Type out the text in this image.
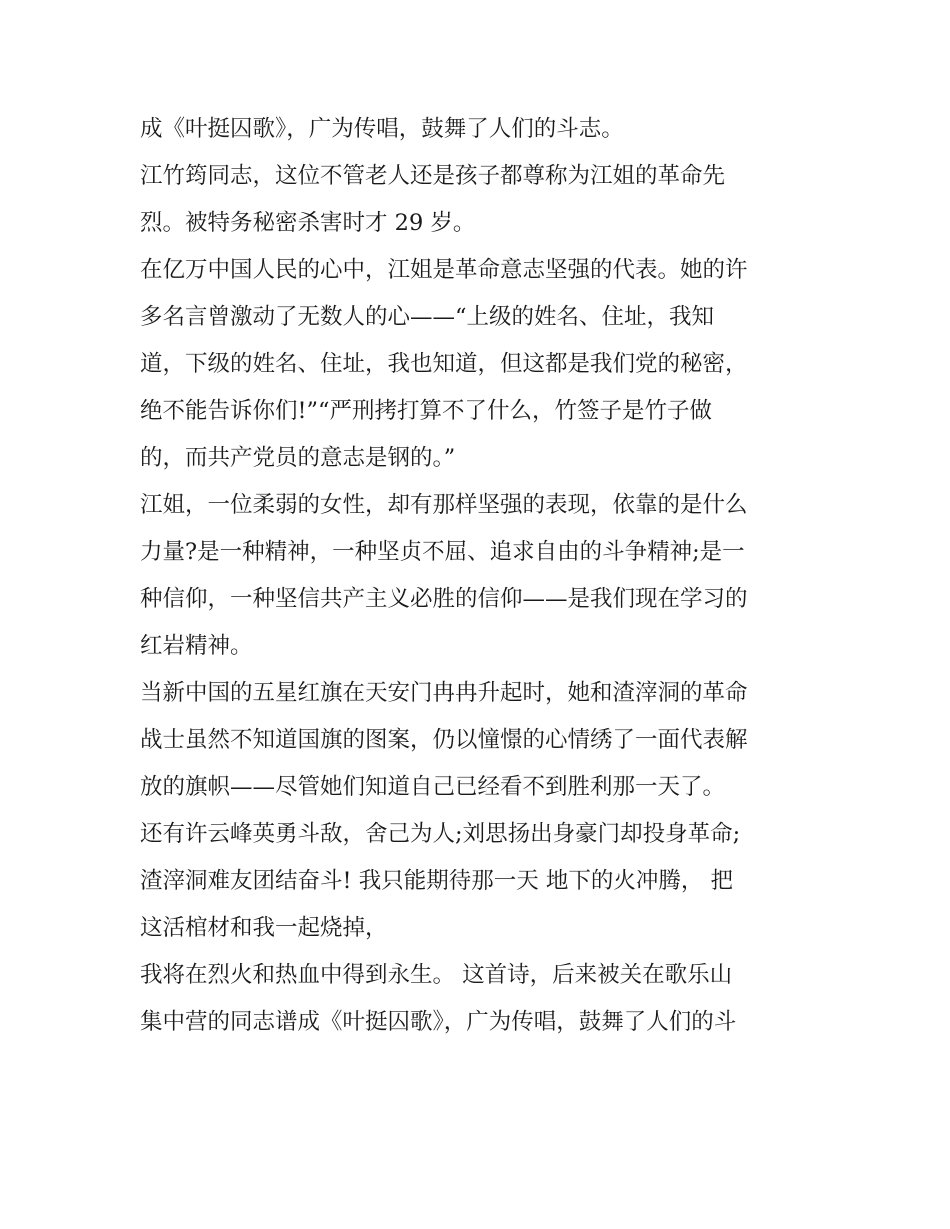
成《叶挺囚歌》，广为传唱，鼓舞了人们的斗志。
江竹筠同志，这位不管老人还是孩子都尊称为江姐的革命先
烈。被特务秘密杀害时才 29 岁。
在亿万中国人民的心中，江姐是革命意志坚强的代表。她的许
多名言曾激动了无数人的心——“上级的姓名、住址，我知
道，下级的姓名、住址，我也知道，但这都是我们党的秘密，
绝不能告诉你们!”“严刑拷打算不了什么，竹签子是竹子做
的，而共产党员的意志是钢的。”
江姐，一位柔弱的女性，却有那样坚强的表现，依靠的是什么
力量?是一种精神，一种坚贞不屈、追求自由的斗争精神;是一
种信仰，一种坚信共产主义必胜的信仰——是我们现在学习的
红岩精神。
当新中国的五星红旗在天安门冉冉升起时，她和渣滓洞的革命
战士虽然不知道国旗的图案，仍以憧憬的心情绣了一面代表解
放的旗帜——尽管她们知道自己已经看不到胜利那一天了。
还有许云峰英勇斗敌，舍己为人;刘思扬出身豪门却投身革命;
渣滓洞难友团结奋斗! 我只能期待那一天 地下的火冲腾， 把
这活棺材和我一起烧掉，
我将在烈火和热血中得到永生。 这首诗，后来被关在歌乐山
集中营的同志谱成《叶挺囚歌》，广为传唱，鼓舞了人们的斗
